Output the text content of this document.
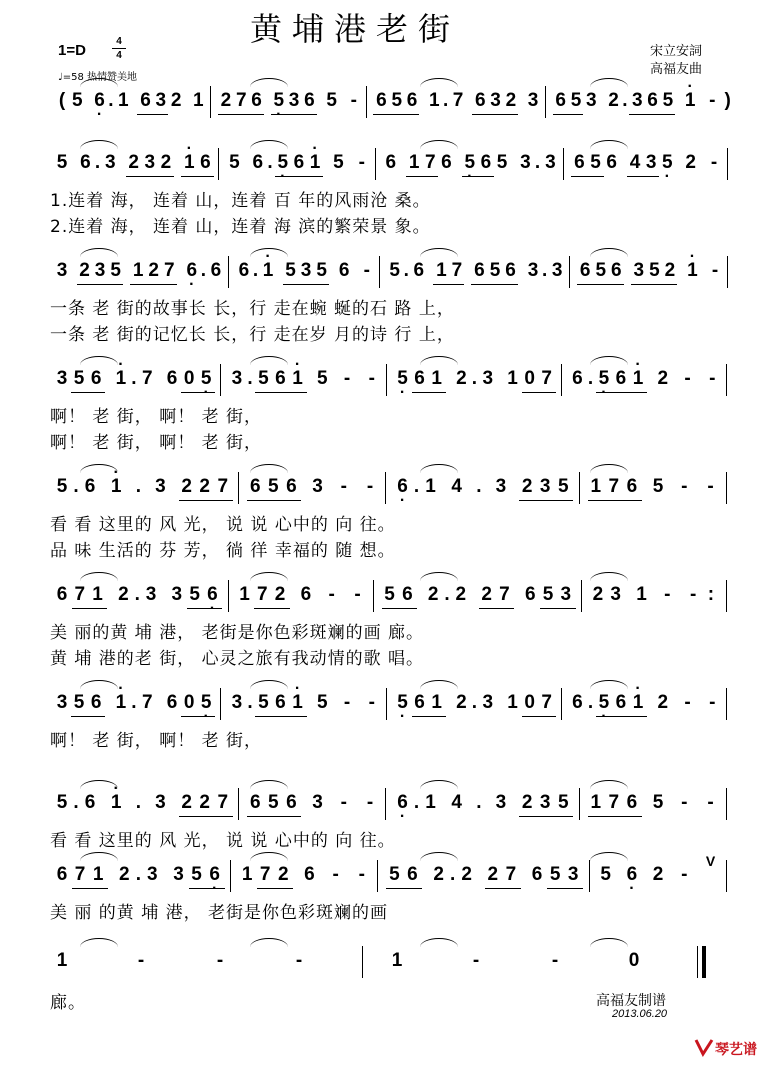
黄埔港老街
1=D
4
4
♩=58 热情赞美地
宋立安詞
高福友曲
( 5 6 · . 1 6 3 2 1 2 7 6 5 · 3 6 5 - 6 5 6 1 . 7 6 3 2 3 6 5 3 2 . 3 6 5 · 1 - )
5 6 . 3 2 3 2 · 1 6 5 6 . 5 · 6 · 1 5 - 6 1 7 6 5 · 6 5 3 . 3 6 5 6 4 3 5 · 2 -
1.连着 海， 连着 山，连着 百 年的风雨沧 桑。
2.连着 海， 连着 山，连着 海 滨的繁荣景 象。
3 2 3 5 1 2 7 6 · . 6 6 . · 1 5 3 5 6 - 5 . 6 1 7 6 5 6 3 . 3 6 5 6 3 5 2 · 1 -
一条 老 街的故事长 长，行 走在蜿 蜒的石 路 上，
一条 老 街的记忆长 长，行 走在岁 月的诗 行 上，
3 5 6 · 1 . 7 6 0 5 · 3 . 5 6 · 1 5 - - 5 · 6 1 2 . 3 1 0 7 6 . 5 · 6 · 1 2 - -
啊！ 老 街， 啊！ 老 街，
啊！ 老 街， 啊！ 老 街，
5 . 6 · 1 . 3 2 2 7 6 5 6 3 - - 6 · . 1 4 . 3 2 3 5 1 7 6 5 - -
看 看 这里的 风 光， 说 说 心中的 向 往。
品 味 生活的 芬 芳， 徜 徉 幸福的 随 想。
6 7 1 2 . 3 3 5 6 · 1 7 2 6 - - 5 6 2 . 2 2 7 6 5 3 2 3 1 - - :
美 丽的黄 埔 港， 老街是你色彩斑斓的画 廊。
黄 埔 港的老 街， 心灵之旅有我动情的歌 唱。
3 5 6 · 1 . 7 6 0 5 · 3 . 5 6 · 1 5 - - 5 · 6 1 2 . 3 1 0 7 6 . 5 · 6 · 1 2 - -
啊！ 老 街， 啊！ 老 街，
5 . 6 · 1 . 3 2 2 7 6 5 6 3 - - 6 · . 1 4 . 3 2 3 5 1 7 6 5 - -
看 看 这里的 风 光， 说 说 心中的 向 往。
6 7 1 2 . 3 3 5 6 · 1 7 2 6 - - 5 6 2 . 2 2 7 6 5 3 5 6 · 2 -
V
美 丽 的黄 埔 港， 老街是你色彩斑斓的画
1	-	-	-	1	-	-	0
廊。	高福友制谱
2013.06.20
琴艺谱
